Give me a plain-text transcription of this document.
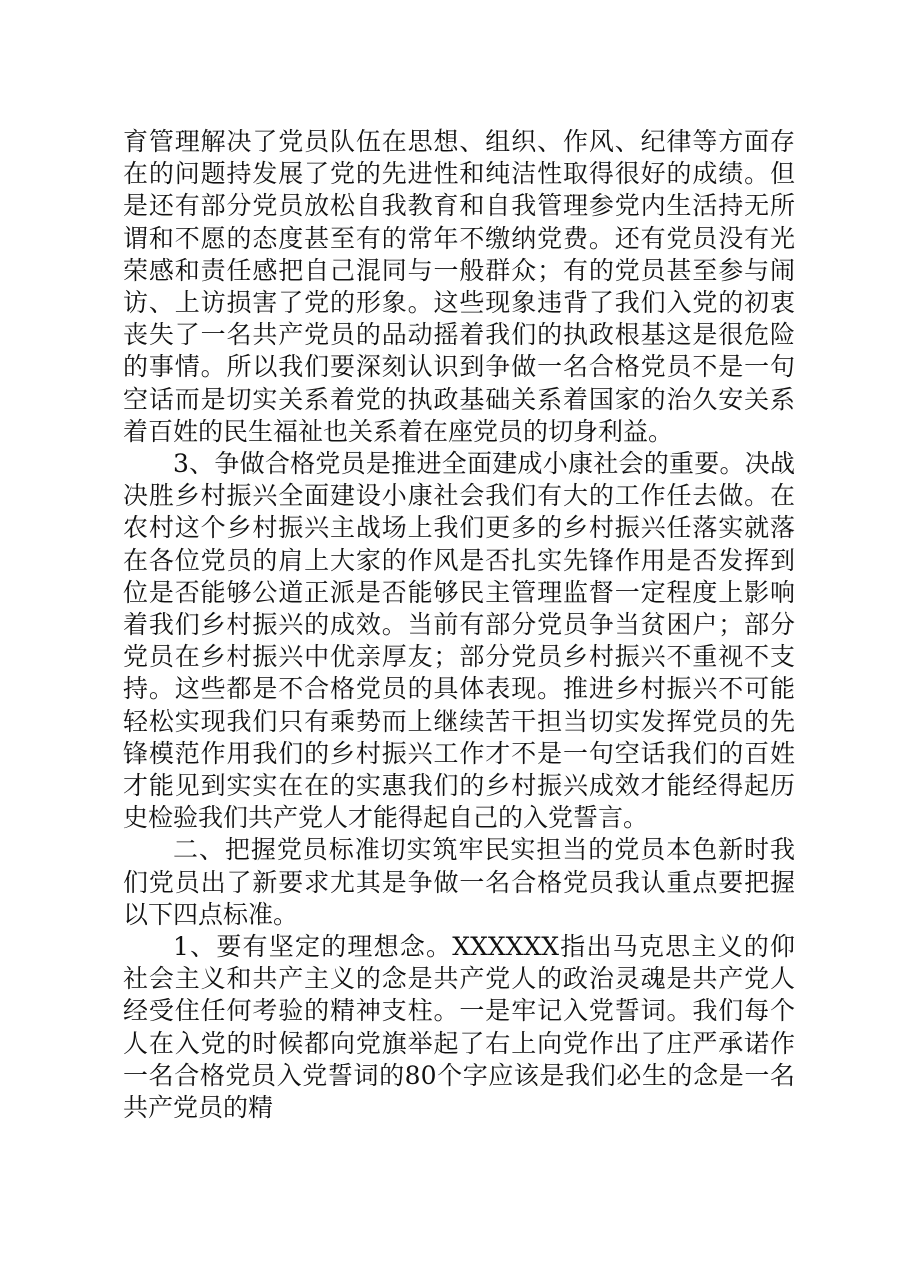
育管理解决了党员队伍在思想、组织、作风、纪律等方面存在的问题持发展了党的先进性和纯洁性取得很好的成绩。但是还有部分党员放松自我教育和自我管理参党内生活持无所谓和不愿的态度甚至有的常年不缴纳党费。还有党员没有光荣感和责任感把自己混同与一般群众；有的党员甚至参与闹访、上访损害了党的形象。这些现象违背了我们入党的初衷丧失了一名共产党员的品动摇着我们的执政根基这是很危险的事情。所以我们要深刻认识到争做一名合格党员不是一句空话而是切实关系着党的执政基础关系着国家的治久安关系着百姓的民生福祉也关系着在座党员的切身利益。

3、争做合格党员是推进全面建成小康社会的重要。决战决胜乡村振兴全面建设小康社会我们有大的工作任去做。在农村这个乡村振兴主战场上我们更多的乡村振兴任落实就落在各位党员的肩上大家的作风是否扎实先锋作用是否发挥到位是否能够公道正派是否能够民主管理监督一定程度上影响着我们乡村振兴的成效。当前有部分党员争当贫困户；部分党员在乡村振兴中优亲厚友；部分党员乡村振兴不重视不支持。这些都是不合格党员的具体表现。推进乡村振兴不可能轻松实现我们只有乘势而上继续苦干担当切实发挥党员的先锋模范作用我们的乡村振兴工作才不是一句空话我们的百姓才能见到实实在在的实惠我们的乡村振兴成效才能经得起历史检验我们共产党人才能得起自己的入党誓言。

二、把握党员标准切实筑牢民实担当的党员本色新时我们党员出了新要求尤其是争做一名合格党员我认重点要把握以下四点标准。

1、要有坚定的理想念。XXXXXX指出马克思主义的仰社会主义和共产主义的念是共产党人的政治灵魂是共产党人经受住任何考验的精神支柱。一是牢记入党誓词。我们每个人在入党的时候都向党旗举起了右上向党作出了庄严承诺作一名合格党员入党誓词的80个字应该是我们必生的念是一名共产党员的精
